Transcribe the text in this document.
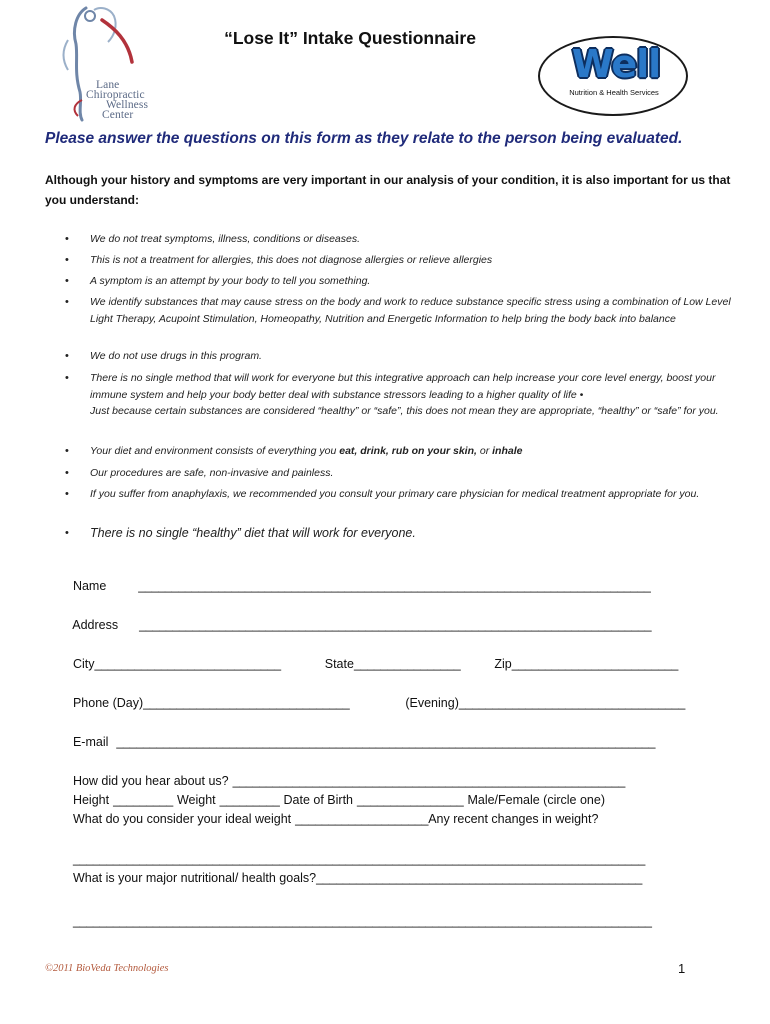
Lane
Chiropractic
Wellness
Center
“Lose It” Intake Questionnaire
Well
Nutrition & Health Services
Please answer the questions on this form as they relate to the person being evaluated.
Although your history and symptoms are very important in our analysis of your condition, it is also important for us that you understand:
• We do not treat symptoms, illness, conditions or diseases.
• This is not a treatment for allergies, this does not diagnose allergies or relieve allergies
• A symptom is an attempt by your body to tell you something.
• We identify substances that may cause stress on the body and work to reduce substance specific stress using a combination of Low Level Light Therapy, Acupoint Stimulation, Homeopathy, Nutrition and Energetic Information to help bring the body back into balance
• We do not use drugs in this program.
• There is no single method that will work for everyone but this integrative approach can help increase your core level energy, boost your immune system and help your body better deal with substance stressors leading to a higher quality of life •
Just because certain substances are considered “healthy” or “safe”, this does not mean they are appropriate, “healthy” or “safe” for you.
• Your diet and environment consists of everything you eat, drink, rub on your skin, or inhale
• Our procedures are safe, non-invasive and painless.
• If you suffer from anaphylaxis, we recommended you consult your primary care physician for medical treatment appropriate for you.
• There is no single “healthy” diet that will work for everyone.

Name	_____________________________________________________________________________

Address _____________________________________________________________________________

City____________________________	State________________	Zip_________________________

Phone (Day)_______________________________	(Evening)__________________________________

E-mail _________________________________________________________________________________

How did you hear about us? ___________________________________________________________

Height _________ Weight _________ Date of Birth ________________ Male/Female (circle one)

What do you consider your ideal weight ____________________Any recent changes in weight?

______________________________________________________________________________________

What is your major nutritional/ health goals?_________________________________________________

_______________________________________________________________________________________

©2011 BioVeda Technologies	1
